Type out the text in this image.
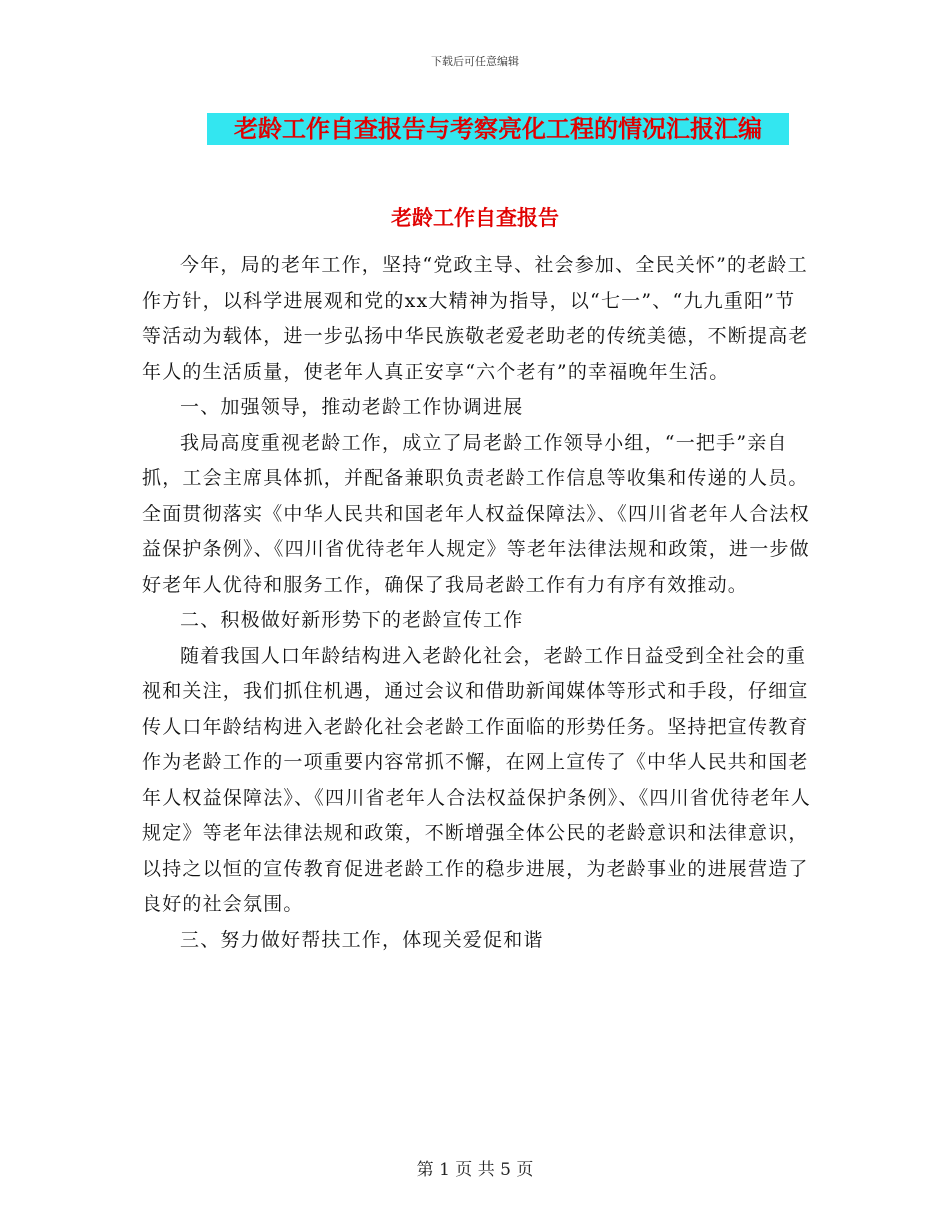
下载后可任意编辑
老龄工作自查报告与考察亮化工程的情况汇报汇编
老龄工作自查报告

今年，局的老年工作，坚持“党政主导、社会参加、全民关怀”的老龄工作方针，以科学进展观和党的xx大精神为指导，以“七一”、“九九重阳”节等活动为载体，进一步弘扬中华民族敬老爱老助老的传统美德，不断提高老年人的生活质量，使老年人真正安享“六个老有”的幸福晚年生活。

一、加强领导，推动老龄工作协调进展

我局高度重视老龄工作，成立了局老龄工作领导小组，“一把手”亲自抓，工会主席具体抓，并配备兼职负责老龄工作信息等收集和传递的人员。全面贯彻落实《中华人民共和国老年人权益保障法》、《四川省老年人合法权益保护条例》、《四川省优待老年人规定》等老年法律法规和政策，进一步做好老年人优待和服务工作，确保了我局老龄工作有力有序有效推动。

二、积极做好新形势下的老龄宣传工作

随着我国人口年龄结构进入老龄化社会，老龄工作日益受到全社会的重视和关注，我们抓住机遇，通过会议和借助新闻媒体等形式和手段，仔细宣传人口年龄结构进入老龄化社会老龄工作面临的形势任务。坚持把宣传教育作为老龄工作的一项重要内容常抓不懈，在网上宣传了《中华人民共和国老年人权益保障法》、《四川省老年人合法权益保护条例》、《四川省优待老年人规定》等老年法律法规和政策，不断增强全体公民的老龄意识和法律意识，以持之以恒的宣传教育促进老龄工作的稳步进展，为老龄事业的进展营造了良好的社会氛围。

三、努力做好帮扶工作，体现关爱促和谐

第 1 页 共 5 页
